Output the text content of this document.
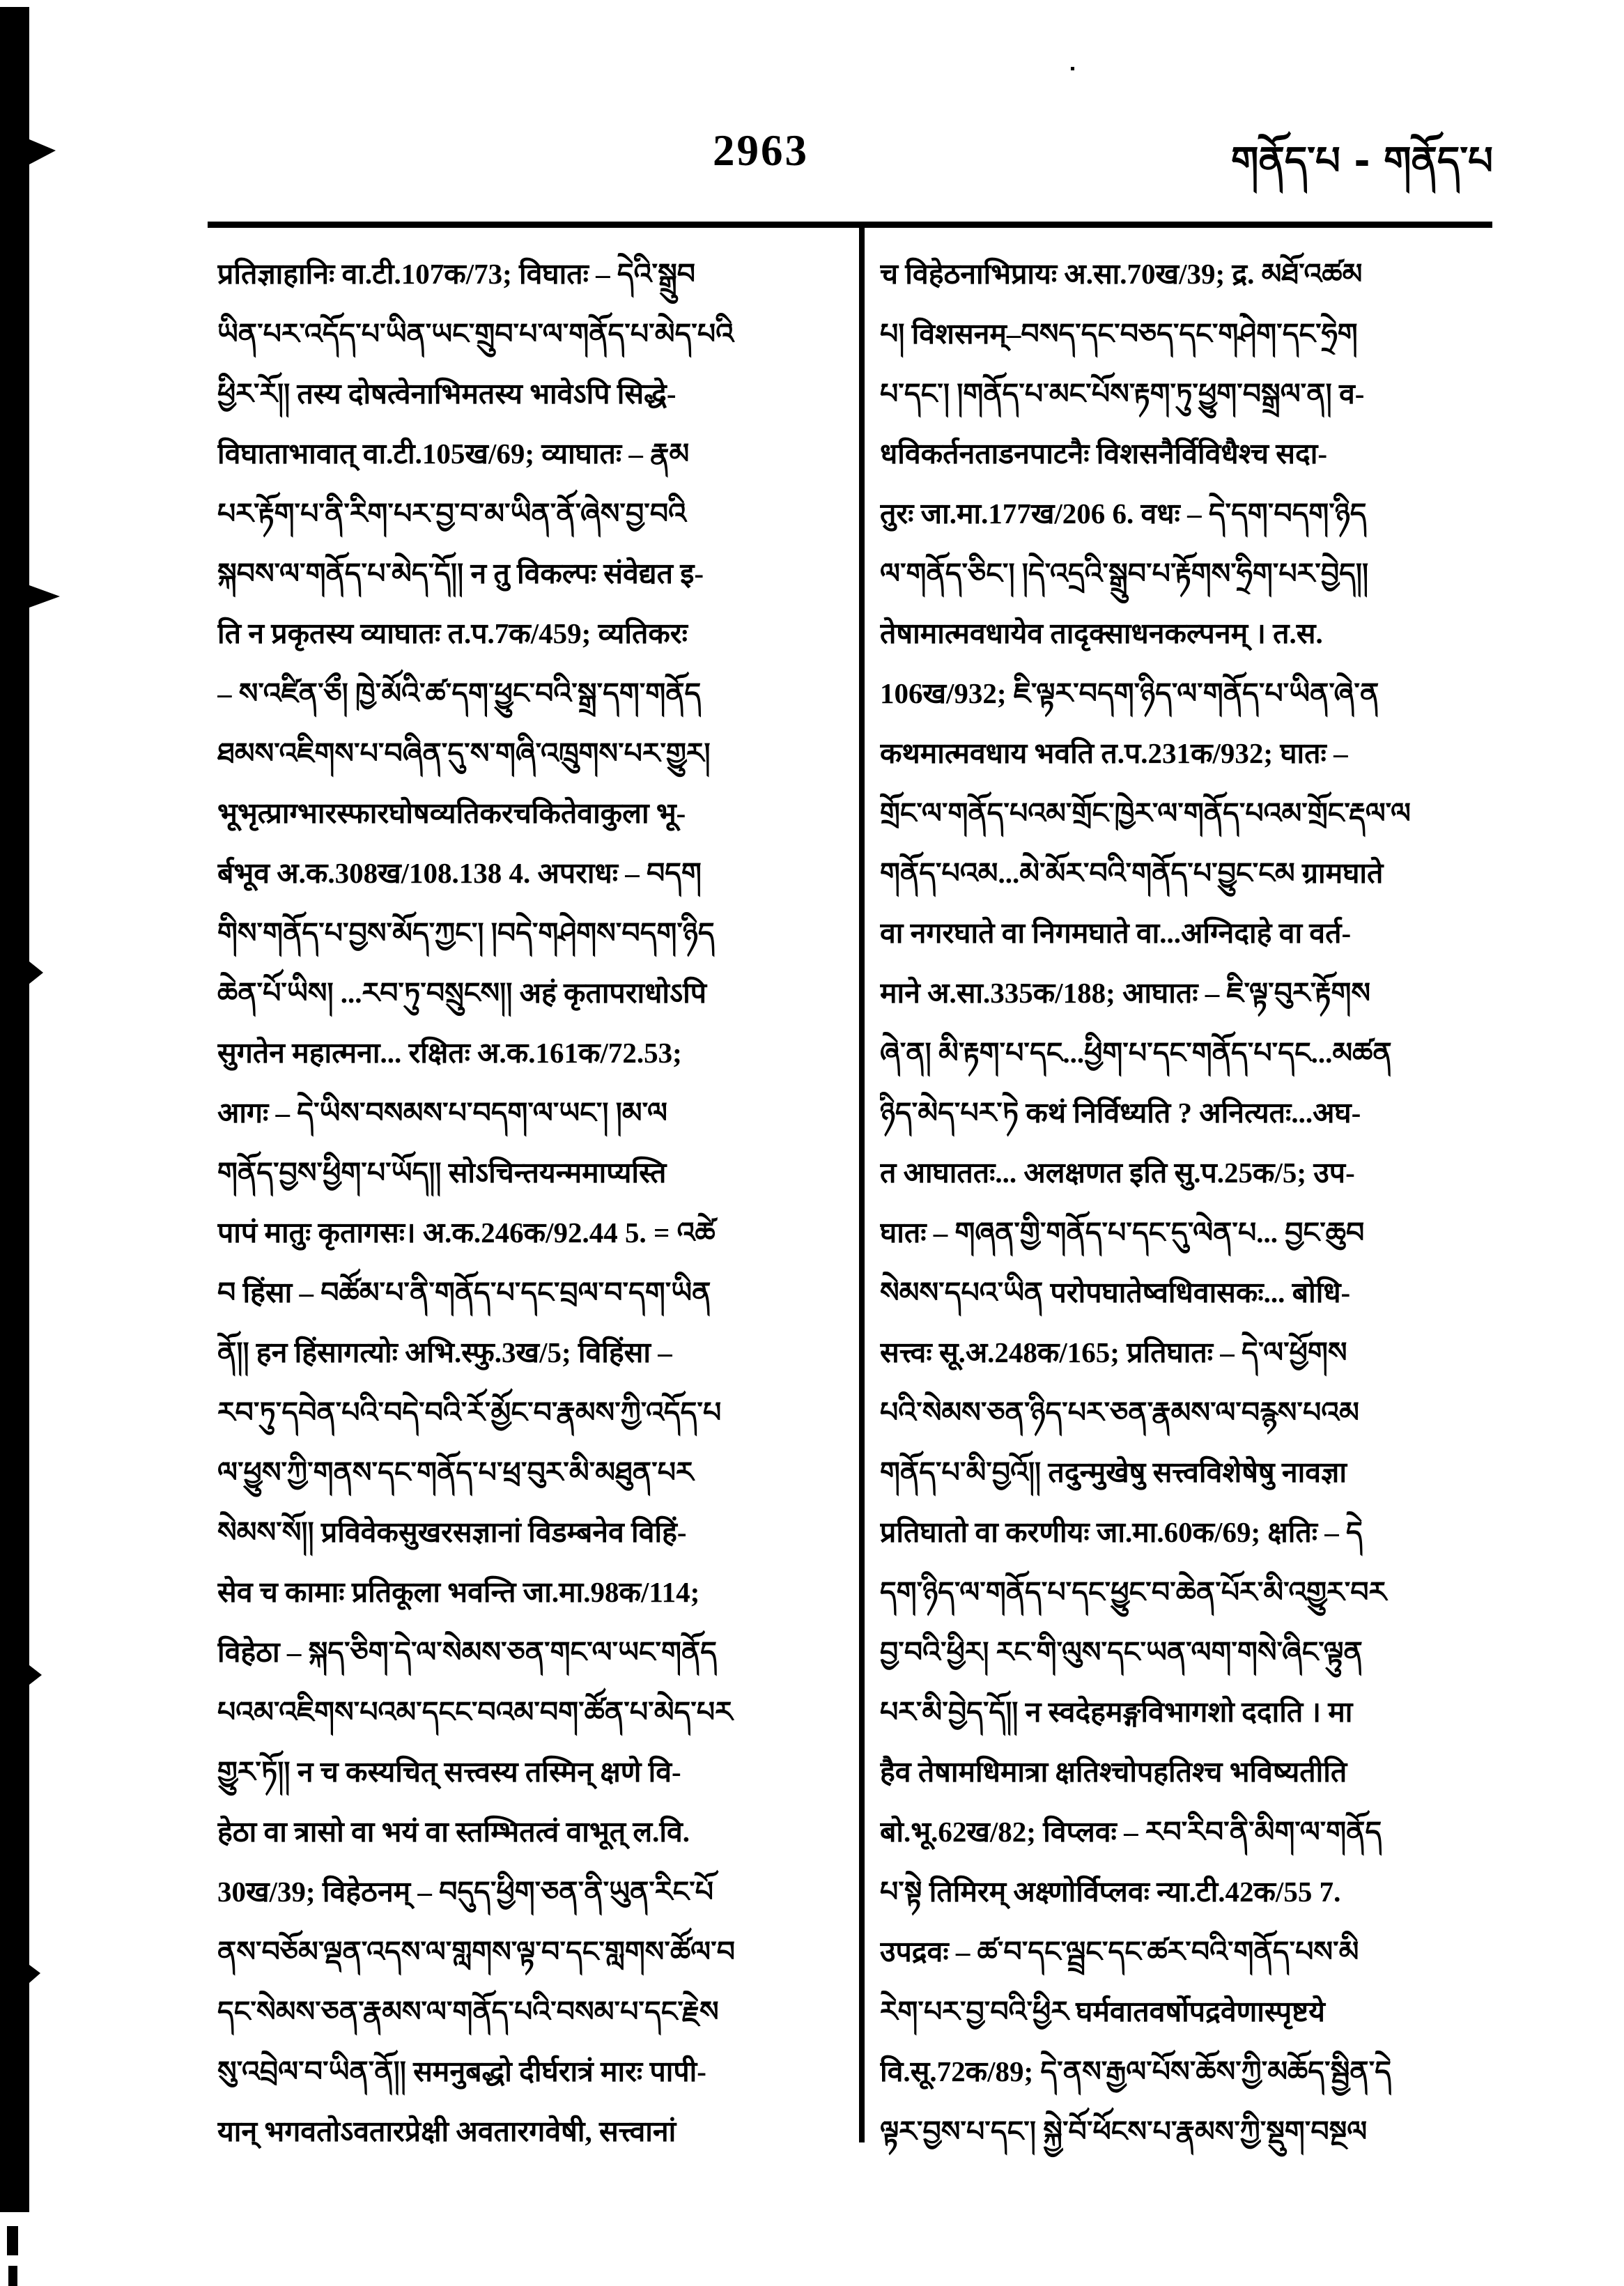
2963	གནོད་པ - གནོད་པ
प्रतिज्ञाहानिः वा.टी.107क/73; विघातः – དེའི་སྒྲུབ
ཡིན་པར་འདོད་པ་ཡིན་ཡང་གྲུབ་པ་ལ་གནོད་པ་མེད་པའི
ཕྱིར་རོ།། तस्य दोषत्वेनाभिमतस्य भावेऽपि सिद्धे-
विघाताभावात् वा.टी.105ख/69; व्याघातः – རྣམ
པར་རྟོག་པ་ནི་རིག་པར་བྱ་བ་མ་ཡིན་ནོ་ཞེས་བྱ་བའི
སྐབས་ལ་གནོད་པ་མེད་དོ།། न तु विकल्पः संवेद्यत इ-
ति न प्रकृतस्य व्याघातः त.प.7क/459; व्यतिकरः
– ས་འཛིན་ཅྀ། ཁྱེ་མོའི་ཚ་དག་ཕྱུང་བའི་སྒྲ་དག་གནོད
ཐམས་འཇིགས་པ་བཞིན་དུ་ས་གཞི་འཁྲུགས་པར་གྱུར།
भूभृत्प्राग्भारस्फारघोषव्यतिकरचकितेवाकुला भू-
र्बभूव अ.क.308ख/108.138 4. अपराधः – བདག
གིས་གནོད་པ་བྱས་མོད་ཀྱང་། །བདེ་གཤེགས་བདག་ཉིད
ཆེན་པོ་ཡིས། ...རབ་ཏུ་བསྲུངས།། अहं कृतापराधोऽपि
सुगतेन महात्मना... रक्षितः अ.क.161क/72.53;
आगः – དེ་ཡིས་བསམས་པ་བདག་ལ་ཡང་། །མ་ལ
གནོད་བྱས་ཕྱིག་པ་ཡོད།། सोऽचिन्तयन्ममाप्यस्ति
पापं मातुः कृतागसः। अ.क.246क/92.44 5. = འཚེ
བ हिंसा – བཚོམ་པ་ནི་གནོད་པ་དང་བྲལ་བ་དག་ཡིན
ནོ།། हन हिंसागत्योः अभि.स्फु.3ख/5; विहिंसा –
རབ་ཏུ་དབེན་པའི་བདེ་བའི་རོ་མྱོང་བ་རྣམས་ཀྱི་འདོད་པ
ལ་ཕྱུས་ཀྱི་གནས་དང་གནོད་པ་ཕྲ་བུར་མི་མཐུན་པར
སེམས་སོ།། प्रविवेकसुखरसज्ञानां विडम्बनेव विहिं-
सेव च कामाः प्रतिकूला भवन्ति जा.मा.98क/114;
विहेठा – སྐད་ཅིག་དེ་ལ་སེམས་ཅན་གང་ལ་ཡང་གནོད
པའམ་འཇིགས་པའམ་དངང་བའམ་བག་ཚོན་པ་མེད་པར
གྱུར་ཏོ།། न च कस्यचित् सत्त्वस्य तस्मिन् क्षणे वि-
हेठा वा त्रासो वा भयं वा स्तम्भितत्वं वाभूत् ल.वि.
30ख/39; विहेठनम् – བདུད་ཕྱིག་ཅན་ནི་ཡུན་རིང་པོ
ནས་བཅོམ་ལྡན་འདས་ལ་གླགས་ལྟ་བ་དང་གླགས་ཚོལ་བ
དང་སེམས་ཅན་རྣམས་ལ་གནོད་པའི་བསམ་པ་དང་རྗེས
སུ་འབྲེལ་བ་ཡིན་ནོ།། समनुबद्धो दीर्घरात्रं मारः पापी-
यान् भगवतोऽवतारप्रेक्षी अवतारगवेषी, सत्त्वानां
च विहेठनाभिप्रायः अ.सा.70ख/39; द्र. མཐོ་འཚམ
པ། विशसनम्–བསད་དང་བཅད་དང་གཤེག་དང་ཧྲེག
པ་དང་། །གནོད་པ་མང་པོས་རྟག་ཏུ་ཕྱུག་བསྒྲལ་ན། व-
धविकर्तनताडनपाटनैः विशसनैर्विविधैश्च सदा-
तुरः जा.मा.177ख/206 6. वधः – དེ་དག་བདག་ཉིད
ལ་གནོད་ཅིང་། །དེ་འདྲའི་སྒྲུབ་པ་རྟོགས་ཧྲིག་པར་བྱེད།།
तेषामात्मवधायेव तादृक्साधनकल्पनम् । त.स.
106ख/932; ཇི་ལྟར་བདག་ཉིད་ལ་གནོད་པ་ཡིན་ཞེ་ན
कथमात्मवधाय भवति त.प.231क/932; घातः –
གྲོང་ལ་གནོད་པའམ་གྲོང་ཁྱེར་ལ་གནོད་པའམ་གྲོང་རྡལ་ལ
གནོད་པའམ...མེ་མོར་བའི་གནོད་པ་བྱུང་ངམ ग्रामघाते
वा नगरघाते वा निगमघाते वा...अग्निदाहे वा वर्त-
माने अ.सा.335क/188; आघातः – ཇི་ལྟ་བུར་རྟོགས
ཞེ་ན། མི་རྟག་པ་དང...ཕྱིག་པ་དང་གནོད་པ་དང...མཚན
ཉིད་མེད་པར་ཏེ कथं निर्विध्यति ? अनित्यतः...अघ-
त आघाततः... अलक्षणत इति सु.प.25क/5; उप-
घातः – གཞན་གྱི་གནོད་པ་དང་དུ་ལེན་པ... བྱང་ཆུབ
སེམས་དཔའ་ཡིན परोपघातेष्वधिवासकः... बोधि-
सत्त्वः सू.अ.248क/165; प्रतिघातः – དེ་ལ་ཕྱོགས
པའི་སེམས་ཅན་ཉིད་པར་ཅན་རྣམས་ལ་བརྙས་པའམ
གནོད་པ་མི་བྱའོ།། तदुन्मुखेषु सत्त्वविशेषेषु नावज्ञा
प्रतिघातो वा करणीयः जा.मा.60क/69; क्षतिः – དེ
དག་ཉིད་ལ་གནོད་པ་དང་ཕྱུང་བ་ཆེན་པོར་མི་འགྱུར་བར
བྱ་བའི་ཕྱིར། རང་གི་ལུས་དང་ཡན་ལག་གསེ་ཞིང་ལྟུན
པར་མི་བྱེད་དོ།། न स्वदेहमङ्गविभागशो ददाति । मा
हैव तेषामधिमात्रा क्षतिश्चोपहतिश्च भविष्यतीति
बो.भू.62ख/82; विप्लवः – རབ་རིབ་ནི་མིག་ལ་གནོད
པ་སྟེ तिमिरम् अक्ष्णोर्विप्लवः न्या.टी.42क/55 7.
उपद्रवः – ཚ་བ་དང་ལྦྲང་དང་ཚར་བའི་གནོད་པས་མི
རེག་པར་བྱ་བའི་ཕྱིར घर्मवातवर्षोपद्रवेणास्पृष्टये
वि.सू.72क/89; དེ་ནས་རྒྱལ་པོས་ཆོས་ཀྱི་མཆོད་སྦྱིན་དེ
ལྟར་བྱས་པ་དང་། སྐྱེ་བོ་ཕོངས་པ་རྣམས་ཀྱི་སྡུག་བསྔལ
